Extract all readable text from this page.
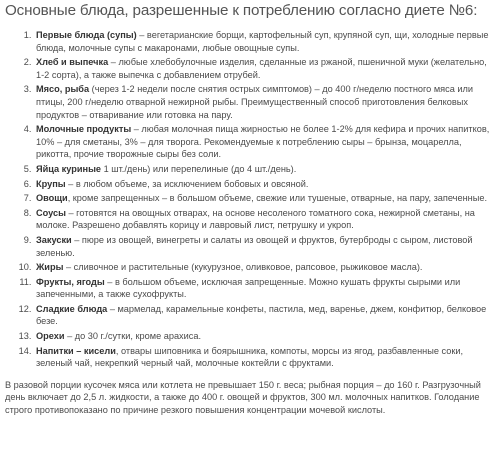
Основные блюда, разрешенные к потреблению согласно диете №6:
1. Первые блюда (супы) – вегетарианские борщи, картофельный суп, крупяной суп, щи, холодные первые блюда, молочные супы с макаронами, любые овощные супы.
2. Хлеб и выпечка – любые хлебобулочные изделия, сделанные из ржаной, пшеничной муки (желательно, 1-2 сорта), а также выпечка с добавлением отрубей.
3. Мясо, рыба (через 1-2 недели после снятия острых симптомов) – до 400 г/неделю постного мяса или птицы, 200 г/неделю отварной нежирной рыбы. Преимущественный способ приготовления белковых продуктов – отваривание или готовка на пару.
4. Молочные продукты – любая молочная пища жирностью не более 1-2% для кефира и прочих напитков, 10% – для сметаны, 3% – для творога. Рекомендуемые к потреблению сыры – брынза, моцарелла, рикотта, прочие творожные сыры без соли.
5. Яйца куриные 1 шт./день) или перепелиные (до 4 шт./день).
6. Крупы – в любом объеме, за исключением бобовых и овсяной.
7. Овощи, кроме запрещенных – в большом объеме, свежие или тушеные, отварные, на пару, запеченные.
8. Соусы – готовятся на овощных отварах, на основе несоленого томатного сока, нежирной сметаны, на молоке. Разрешено добавлять корицу и лавровый лист, петрушку и укроп.
9. Закуски – пюре из овощей, винегреты и салаты из овощей и фруктов, бутерброды с сыром, листовой зеленью.
10. Жиры – сливочное и растительные (кукурузное, оливковое, рапсовое, рыжиковое масла).
11. Фрукты, ягоды – в большом объеме, исключая запрещенные. Можно кушать фрукты сырыми или запеченными, а также сухофрукты.
12. Сладкие блюда – мармелад, карамельные конфеты, пастила, мед, варенье, джем, конфитюр, белковое безе.
13. Орехи – до 30 г./сутки, кроме арахиса.
14. Напитки – кисели, отвары шиповника и боярышника, компоты, морсы из ягод, разбавленные соки, зеленый чай, некрепкий черный чай, молочные коктейли с фруктами.

В разовой порции кусочек мяса или котлета не превышает 150 г. веса; рыбная порция – до 160 г. Разгрузочный день включает до 2,5 л. жидкости, а также до 400 г. овощей и фруктов, 300 мл. молочных напитков. Голодание строго противопоказано по причине резкого повышения концентрации мочевой кислоты.
